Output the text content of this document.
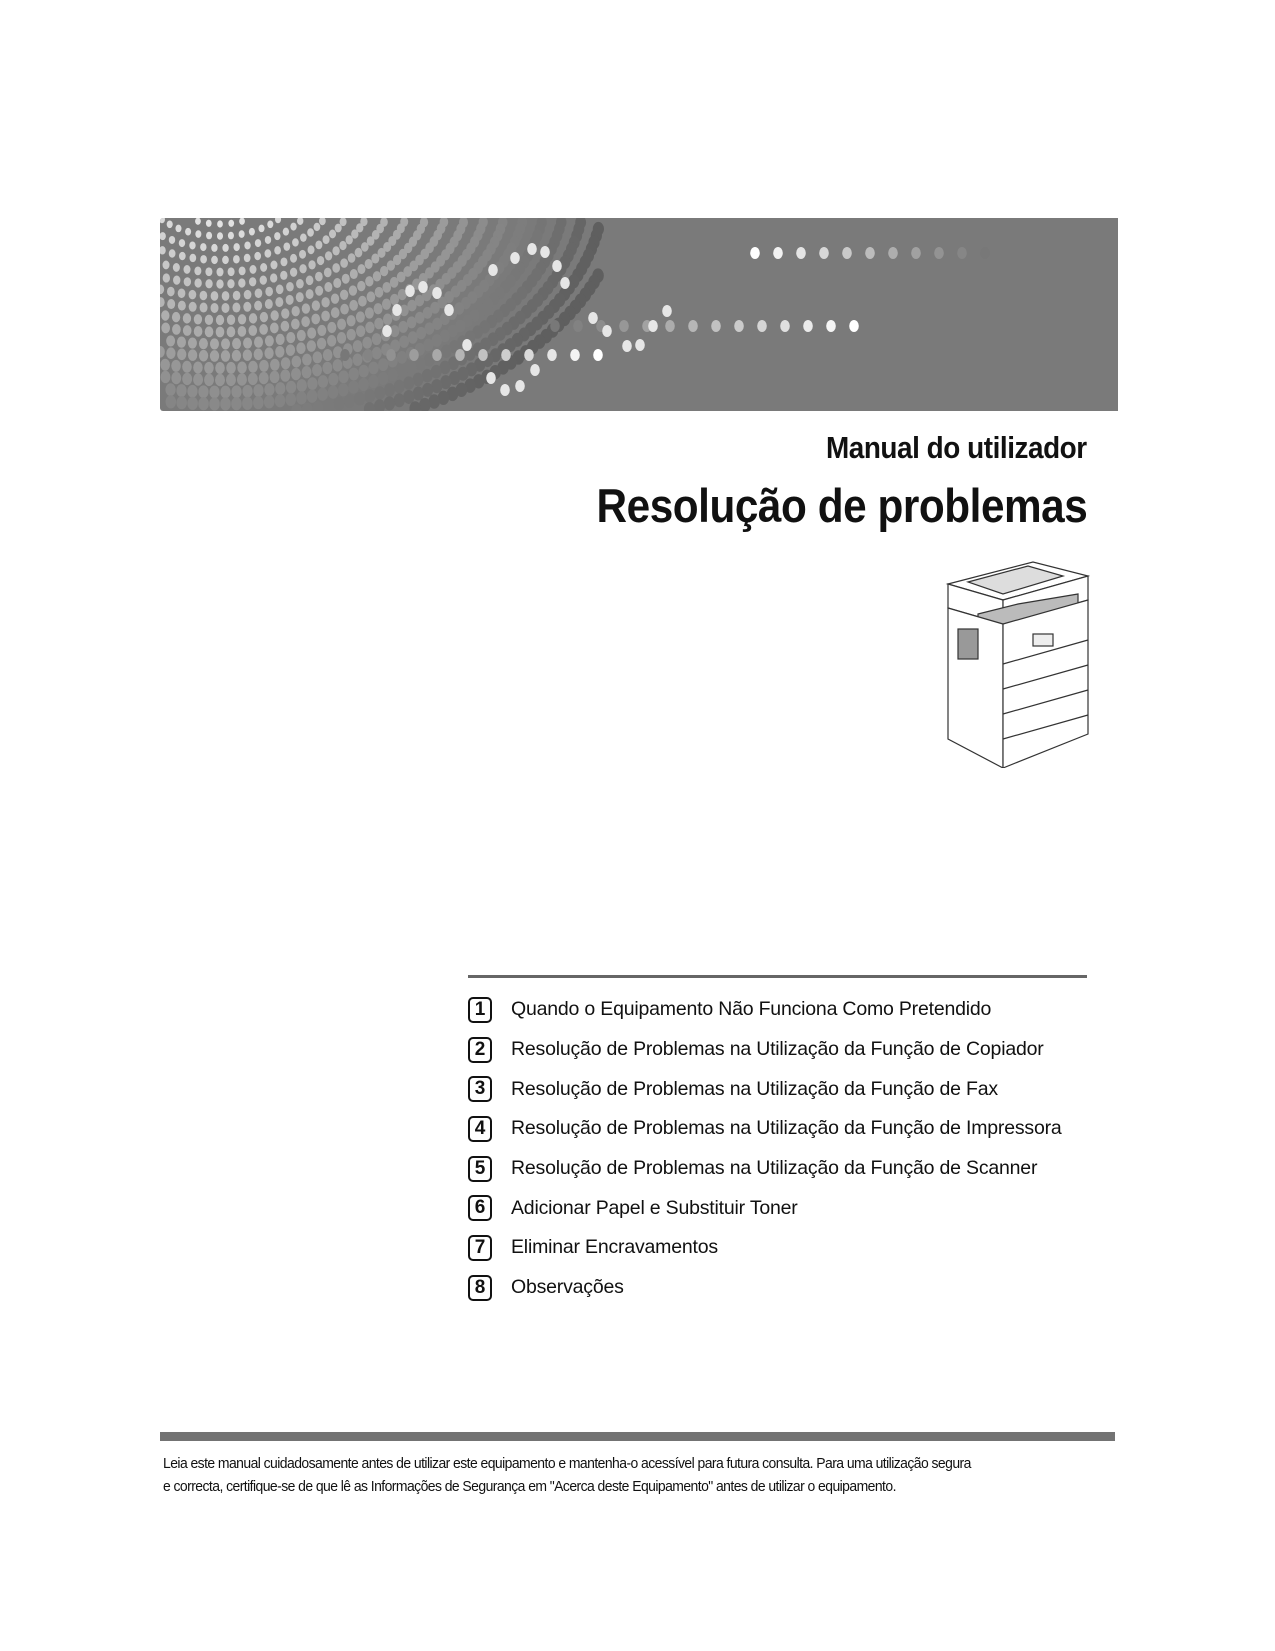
Manual do utilizador
Resolução de problemas
1	Quando o Equipamento Não Funciona Como Pretendido
2	Resolução de Problemas na Utilização da Função de Copiador
3	Resolução de Problemas na Utilização da Função de Fax
4	Resolução de Problemas na Utilização da Função de Impressora
5	Resolução de Problemas na Utilização da Função de Scanner
6	Adicionar Papel e Substituir Toner
7	Eliminar Encravamentos
8	Observações
Leia este manual cuidadosamente antes de utilizar este equipamento e mantenha-o acessível para futura consulta. Para uma utilização segura
e correcta, certifique-se de que lê as Informações de Segurança em "Acerca deste Equipamento" antes de utilizar o equipamento.
